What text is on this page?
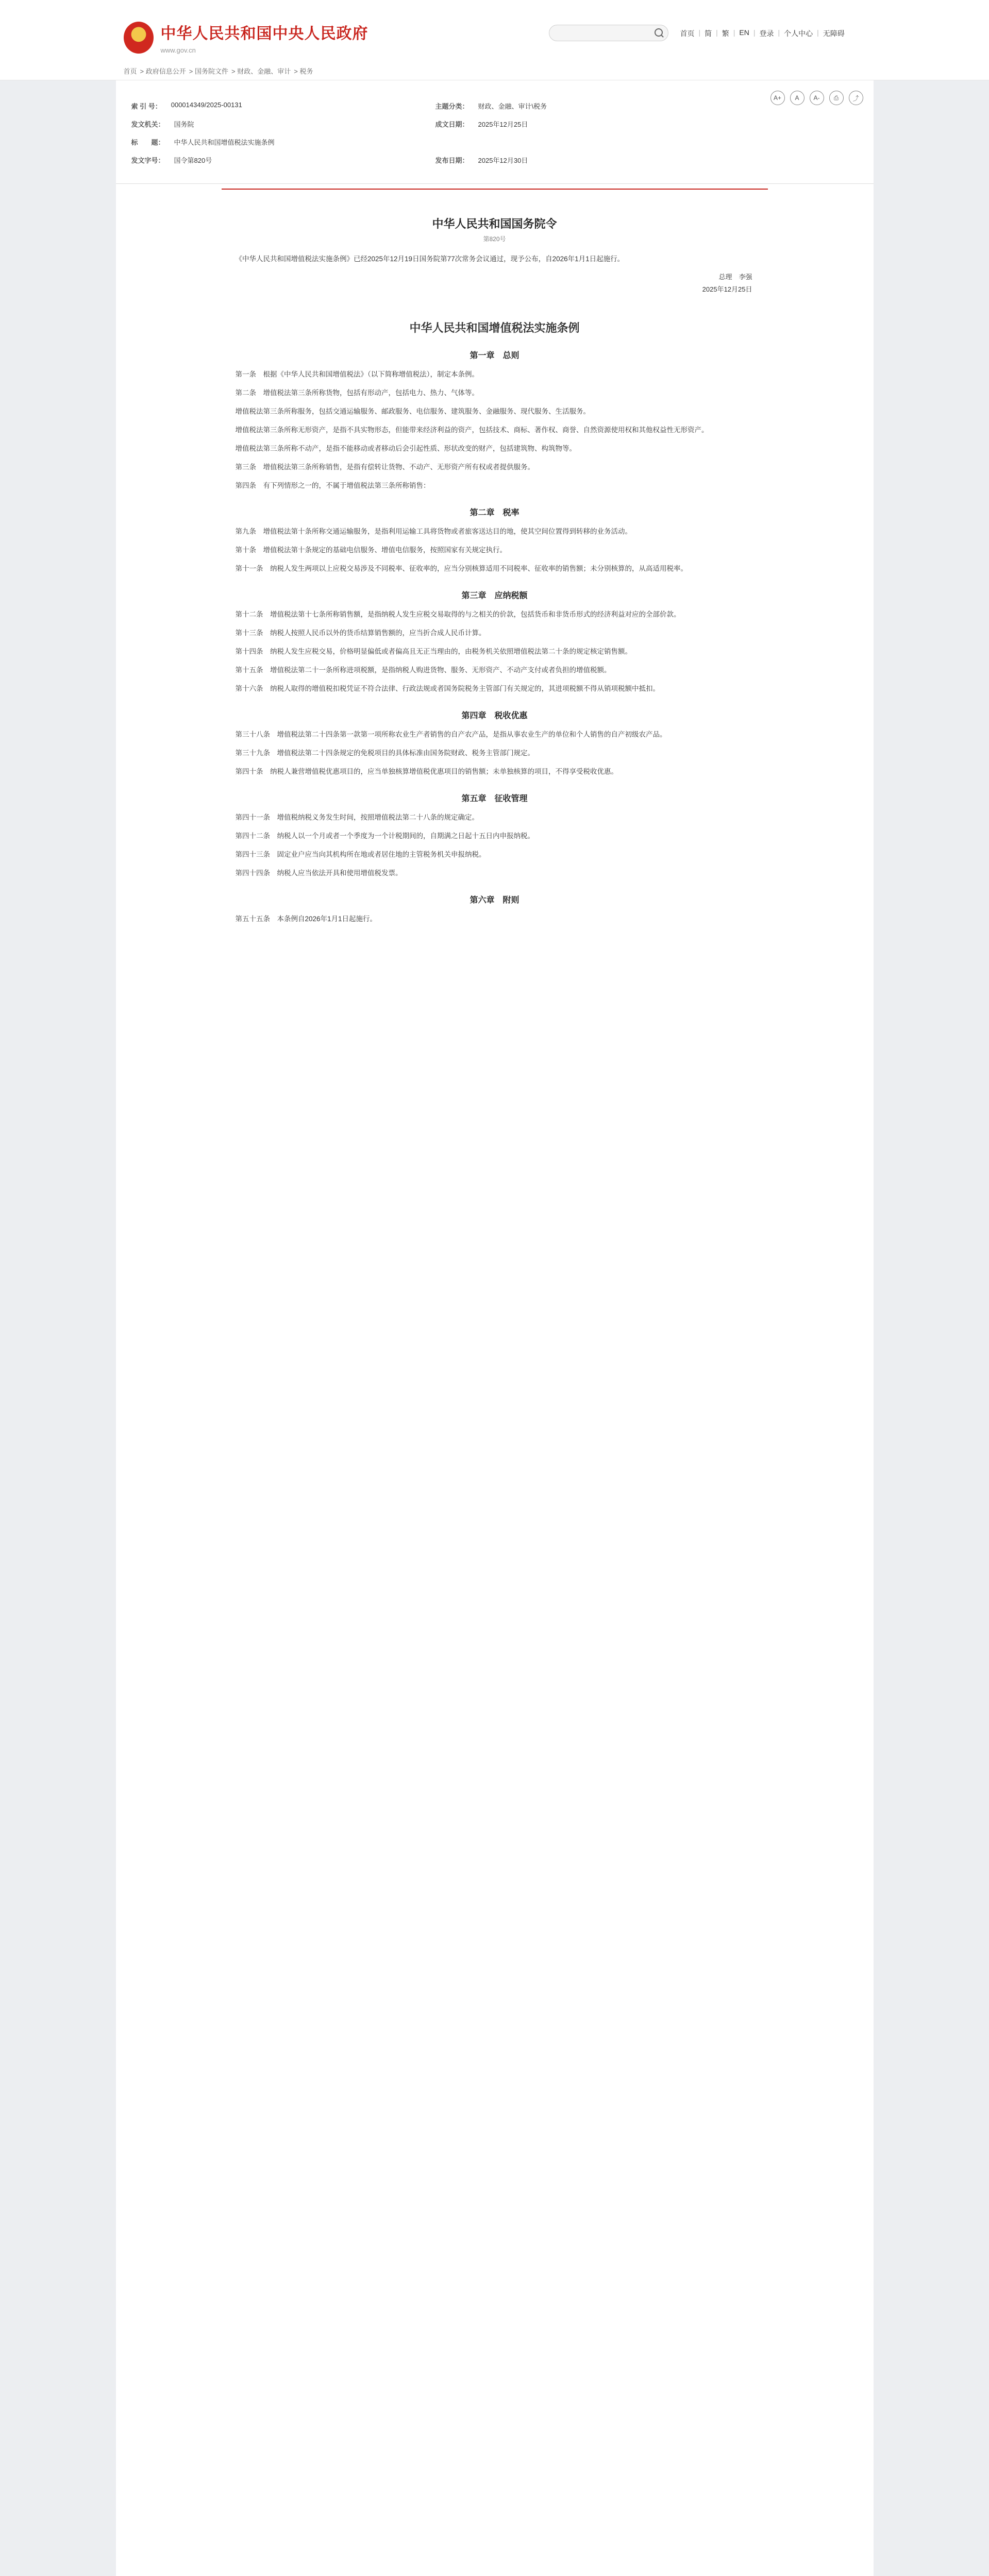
★
中华人民共和国中央人民政府
www.gov.cn
首页 | 简 | 繁 | EN | 登录 | 个人中心 | 无障碍
首页 > 政府信息公开 > 国务院文件 > 财政、金融、审计 > 税务
索 引 号： 000014349/2025-00131	主题分类： 财政、金融、审计\税务
发文机关： 国务院	成文日期： 2025年12月25日
标　　题： 中华人民共和国增值税法实施条例
发文字号： 国令第820号	发布日期： 2025年12月30日
A+	A	A-	⎙	⤴
中华人民共和国国务院令
第820号

《中华人民共和国增值税法实施条例》已经2025年12月19日国务院第77次常务会议通过，现予公布，自2026年1月1日起施行。

总理　李强
2025年12月25日
中华人民共和国增值税法实施条例
第一章　总则

第一条　根据《中华人民共和国增值税法》（以下简称增值税法），制定本条例。

第二条　增值税法第三条所称货物，包括有形动产，包括电力、热力、气体等。

增值税法第三条所称服务，包括交通运输服务、邮政服务、电信服务、建筑服务、金融服务、现代服务、生活服务。

增值税法第三条所称无形资产，是指不具实物形态，但能带来经济利益的资产，包括技术、商标、著作权、商誉、自然资源使用权和其他权益性无形资产。

增值税法第三条所称不动产，是指不能移动或者移动后会引起性质、形状改变的财产，包括建筑物、构筑物等。

第三条　增值税法第三条所称销售，是指有偿转让货物、不动产、无形资产所有权或者提供服务。

第四条　有下列情形之一的，不属于增值税法第三条所称销售：

第二章　税率

第九条　增值税法第十条所称交通运输服务，是指利用运输工具将货物或者旅客送达目的地，使其空间位置得到转移的业务活动。

第十条　增值税法第十条规定的基础电信服务、增值电信服务，按照国家有关规定执行。

第十一条　纳税人发生两项以上应税交易涉及不同税率、征收率的，应当分别核算适用不同税率、征收率的销售额；未分别核算的，从高适用税率。

第三章　应纳税额

第十二条　增值税法第十七条所称销售额，是指纳税人发生应税交易取得的与之相关的价款，包括货币和非货币形式的经济利益对应的全部价款。

第十三条　纳税人按照人民币以外的货币结算销售额的，应当折合成人民币计算。

第十四条　纳税人发生应税交易，价格明显偏低或者偏高且无正当理由的，由税务机关依照增值税法第二十条的规定核定销售额。

第十五条　增值税法第二十一条所称进项税额，是指纳税人购进货物、服务、无形资产、不动产支付或者负担的增值税额。

第十六条　纳税人取得的增值税扣税凭证不符合法律、行政法规或者国务院税务主管部门有关规定的，其进项税额不得从销项税额中抵扣。

第四章　税收优惠

第三十八条　增值税法第二十四条第一款第一项所称农业生产者销售的自产农产品，是指从事农业生产的单位和个人销售的自产初级农产品。

第三十九条　增值税法第二十四条规定的免税项目的具体标准由国务院财政、税务主管部门规定。

第四十条　纳税人兼营增值税优惠项目的，应当单独核算增值税优惠项目的销售额；未单独核算的项目，不得享受税收优惠。

第五章　征收管理

第四十一条　增值税纳税义务发生时间，按照增值税法第二十八条的规定确定。

第四十二条　纳税人以一个月或者一个季度为一个计税期间的，自期满之日起十五日内申报纳税。

第四十三条　固定业户应当向其机构所在地或者居住地的主管税务机关申报纳税。

第四十四条　纳税人应当依法开具和使用增值税发票。

第六章　附则

第五十五条　本条例自2026年1月1日起施行。
